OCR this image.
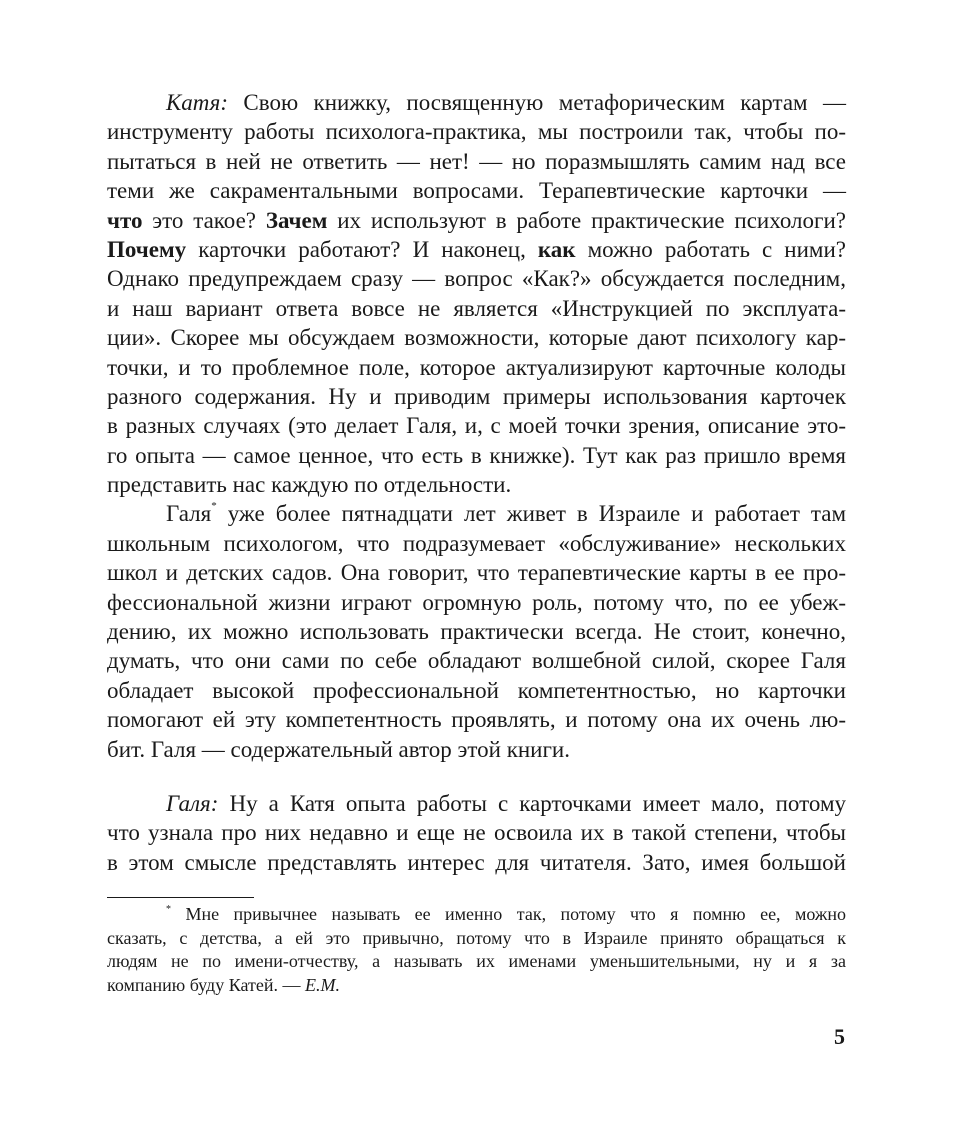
Катя: Свою книжку, посвященную метафорическим картам —
инструменту работы психолога-практика, мы построили так, чтобы по-
пытаться в ней не ответить — нет! — но поразмышлять самим над все
теми же сакраментальными вопросами. Терапевтические карточки —
что это такое? Зачем их используют в работе практические психологи?
Почему карточки работают? И наконец, как можно работать с ними?
Однако предупреждаем сразу — вопрос «Как?» обсуждается последним,
и наш вариант ответа вовсе не является «Инструкцией по эксплуата-
ции». Скорее мы обсуждаем возможности, которые дают психологу кар-
точки, и то проблемное поле, которое актуализируют карточные колоды
разного содержания. Ну и приводим примеры использования карточек
в разных случаях (это делает Галя, и, с моей точки зрения, описание это-
го опыта — самое ценное, что есть в книжке). Тут как раз пришло время
представить нас каждую по отдельности.
Галя* уже более пятнадцати лет живет в Израиле и работает там
школьным психологом, что подразумевает «обслуживание» нескольких
школ и детских садов. Она говорит, что терапевтические карты в ее про-
фессиональной жизни играют огромную роль, потому что, по ее убеж-
дению, их можно использовать практически всегда. Не стоит, конечно,
думать, что они сами по себе обладают волшебной силой, скорее Галя
обладает высокой профессиональной компетентностью, но карточки
помогают ей эту компетентность проявлять, и потому она их очень лю-
бит. Галя — содержательный автор этой книги.
Галя: Ну а Катя опыта работы с карточками имеет мало, потому
что узнала про них недавно и еще не освоила их в такой степени, чтобы
в этом смысле представлять интерес для читателя. Зато, имея большой
* Мне привычнее называть ее именно так, потому что я помню ее, можно
сказать, с детства, а ей это привычно, потому что в Израиле принято обращаться к
людям не по имени-отчеству, а называть их именами уменьшительными, ну и я за
компанию буду Катей. — Е.М.
5
